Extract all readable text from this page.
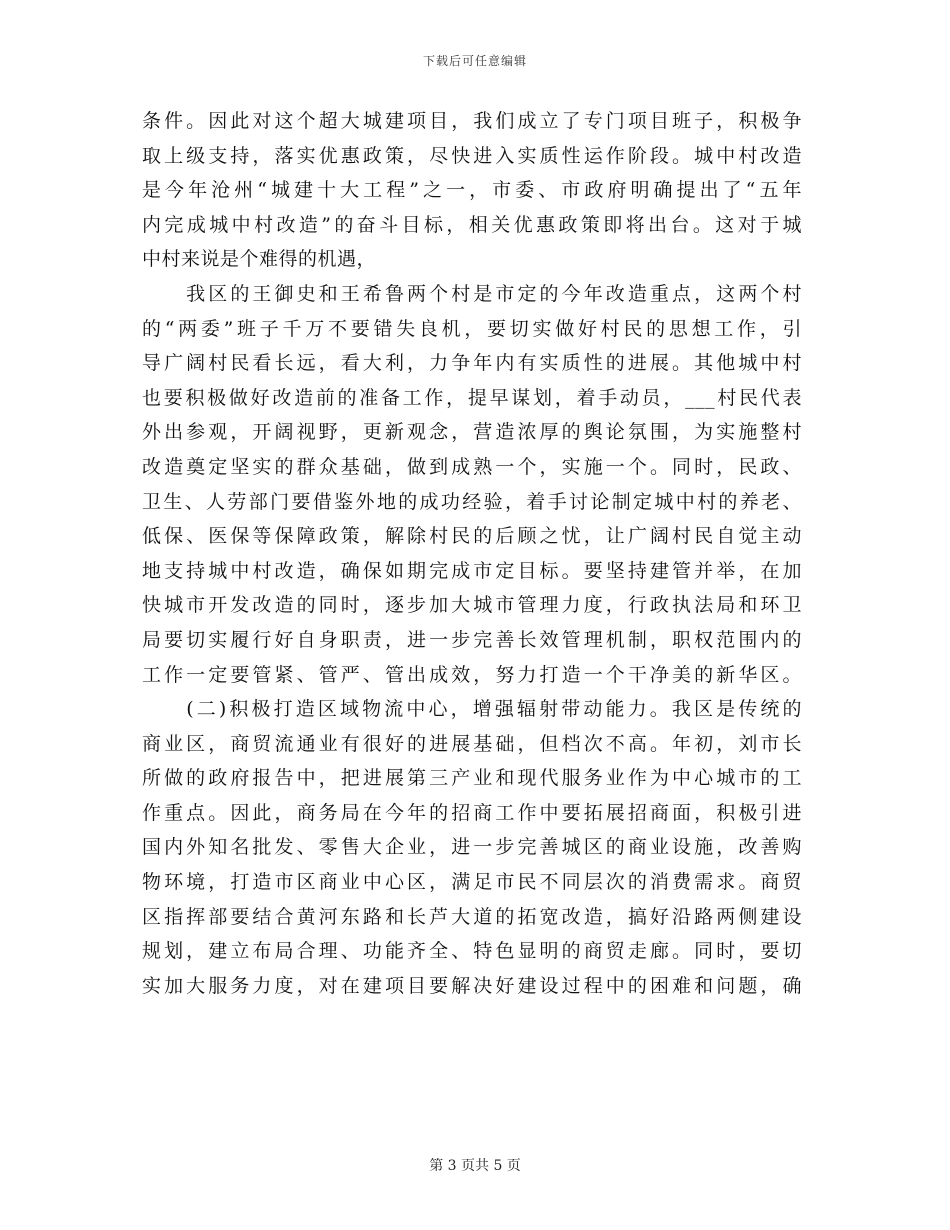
下载后可任意编辑
条件。因此对这个超大城建项目，我们成立了专门项目班子，积极争
取上级支持，落实优惠政策，尽快进入实质性运作阶段。城中村改造
是今年沧州“城建十大工程”之一，市委、市政府明确提出了“五年
内完成城中村改造”的奋斗目标，相关优惠政策即将出台。这对于城
中村来说是个难得的机遇，
　　我区的王御史和王希鲁两个村是市定的今年改造重点，这两个村
的“两委”班子千万不要错失良机，要切实做好村民的思想工作，引
导广阔村民看长远，看大利，力争年内有实质性的进展。其他城中村
也要积极做好改造前的准备工作，提早谋划，着手动员，___村民代表
外出参观，开阔视野，更新观念，营造浓厚的舆论氛围，为实施整村
改造奠定坚实的群众基础，做到成熟一个，实施一个。同时，民政、
卫生、人劳部门要借鉴外地的成功经验，着手讨论制定城中村的养老、
低保、医保等保障政策，解除村民的后顾之忧，让广阔村民自觉主动
地支持城中村改造，确保如期完成市定目标。要坚持建管并举，在加
快城市开发改造的同时，逐步加大城市管理力度，行政执法局和环卫
局要切实履行好自身职责，进一步完善长效管理机制，职权范围内的
工作一定要管紧、管严、管出成效，努力打造一个干净美的新华区。
　　(二)积极打造区域物流中心，增强辐射带动能力。我区是传统的
商业区，商贸流通业有很好的进展基础，但档次不高。年初，刘市长
所做的政府报告中，把进展第三产业和现代服务业作为中心城市的工
作重点。因此，商务局在今年的招商工作中要拓展招商面，积极引进
国内外知名批发、零售大企业，进一步完善城区的商业设施，改善购
物环境，打造市区商业中心区，满足市民不同层次的消费需求。商贸
区指挥部要结合黄河东路和长芦大道的拓宽改造，搞好沿路两侧建设
规划，建立布局合理、功能齐全、特色显明的商贸走廊。同时，要切
实加大服务力度，对在建项目要解决好建设过程中的困难和问题，确
第 3 页共 5 页
